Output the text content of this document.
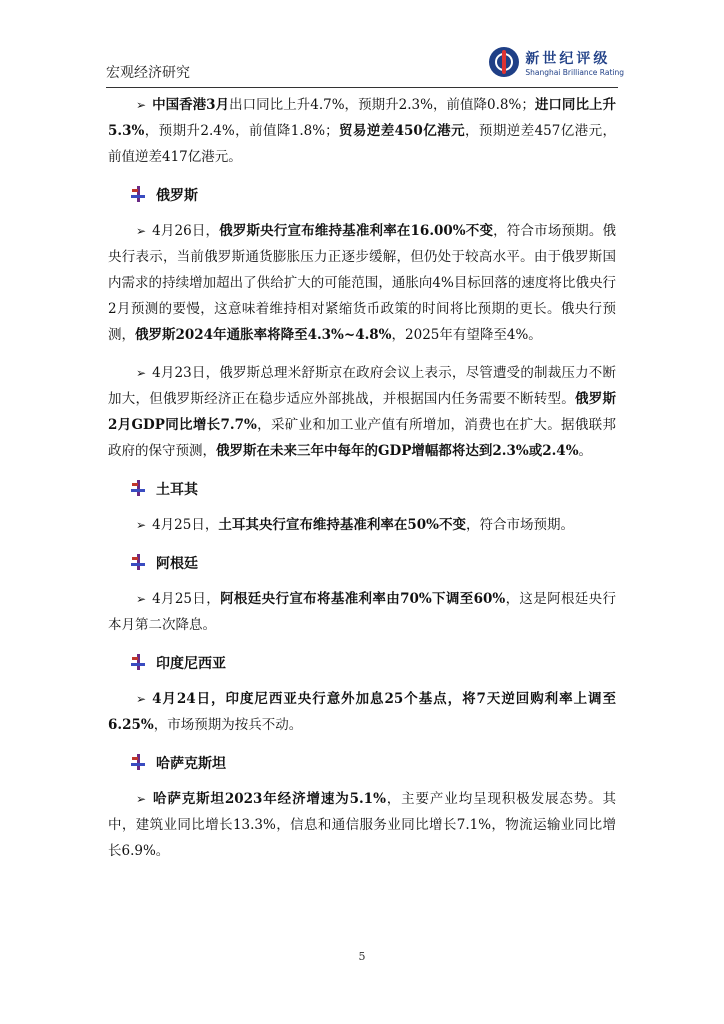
宏观经济研究
新世纪评级
Shanghai Brilliance Rating

➢ 中国香港3月出口同比上升4.7%，预期升2.3%，前值降0.8%；进口同比上升5.3%，预期升2.4%，前值降1.8%；贸易逆差450亿港元，预期逆差457亿港元，前值逆差417亿港元。

俄罗斯

➢ 4月26日，俄罗斯央行宣布维持基准利率在16.00%不变，符合市场预期。俄央行表示，当前俄罗斯通货膨胀压力正逐步缓解，但仍处于较高水平。由于俄罗斯国内需求的持续增加超出了供给扩大的可能范围，通胀向4%目标回落的速度将比俄央行2月预测的要慢，这意味着维持相对紧缩货币政策的时间将比预期的更长。俄央行预测，俄罗斯2024年通胀率将降至4.3%~4.8%，2025年有望降至4%。

➢ 4月23日，俄罗斯总理米舒斯京在政府会议上表示，尽管遭受的制裁压力不断加大，但俄罗斯经济正在稳步适应外部挑战，并根据国内任务需要不断转型。俄罗斯2月GDP同比增长7.7%，采矿业和加工业产值有所增加，消费也在扩大。据俄联邦政府的保守预测，俄罗斯在未来三年中每年的GDP增幅都将达到2.3%或2.4%。

土耳其

➢ 4月25日，土耳其央行宣布维持基准利率在50%不变，符合市场预期。

阿根廷

➢ 4月25日，阿根廷央行宣布将基准利率由70%下调至60%，这是阿根廷央行本月第二次降息。

印度尼西亚

➢ 4月24日，印度尼西亚央行意外加息25个基点，将7天逆回购利率上调至6.25%，市场预期为按兵不动。

哈萨克斯坦

➢ 哈萨克斯坦2023年经济增速为5.1%，主要产业均呈现积极发展态势。其中，建筑业同比增长13.3%，信息和通信服务业同比增长7.1%，物流运输业同比增长6.9%。

5
